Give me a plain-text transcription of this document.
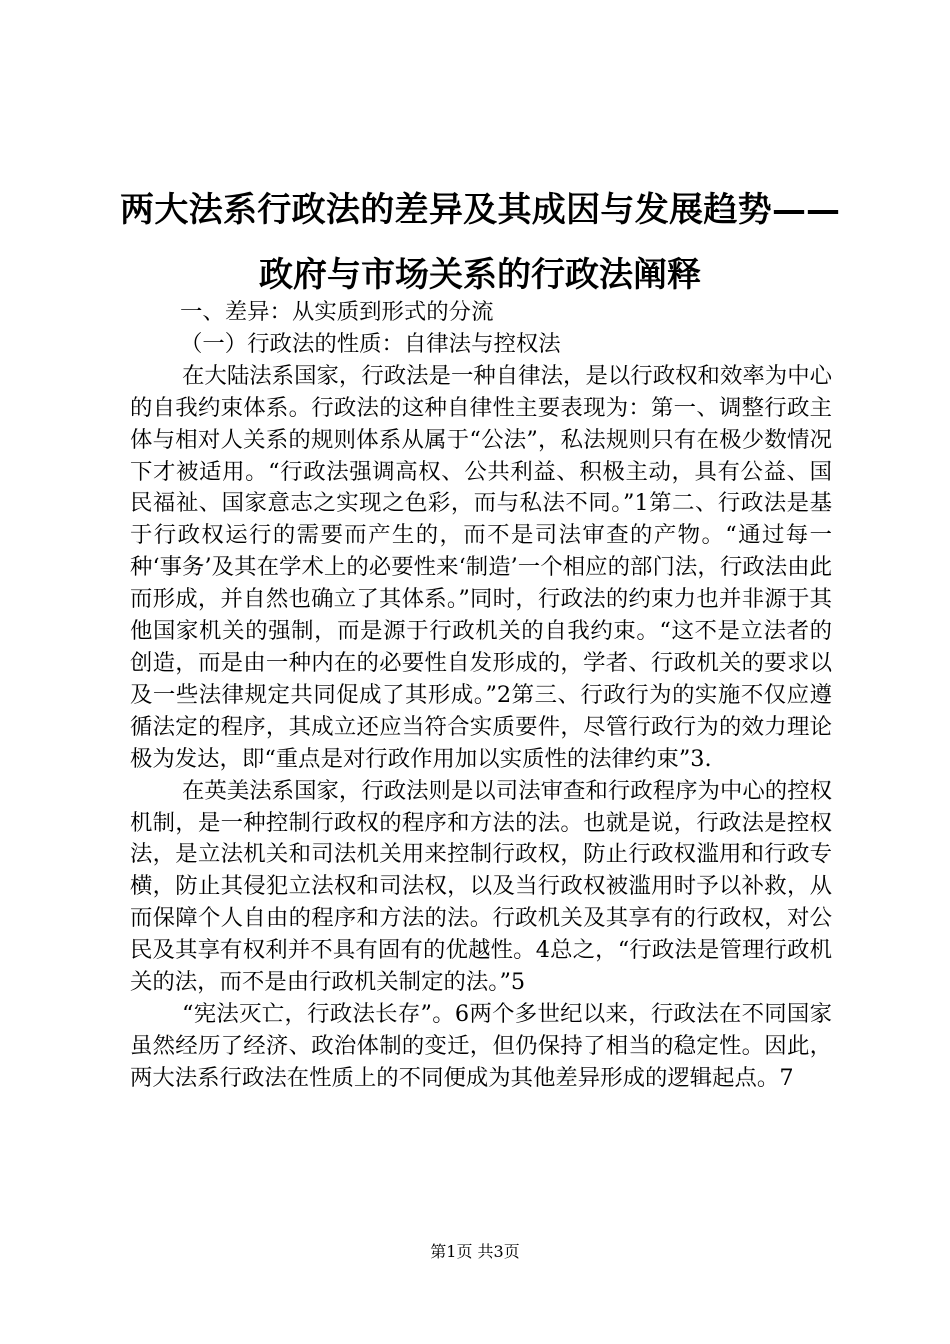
两大法系行政法的差异及其成因与发展趋势——政府与市场关系的行政法阐释

一、差异：从实质到形式的分流

（一）行政法的性质：自律法与控权法

在大陆法系国家，行政法是一种自律法，是以行政权和效率为中心的自我约束体系。行政法的这种自律性主要表现为：第一、调整行政主体与相对人关系的规则体系从属于“公法”，私法规则只有在极少数情况下才被适用。“行政法强调高权、公共利益、积极主动，具有公益、国民福祉、国家意志之实现之色彩，而与私法不同。”1第二、行政法是基于行政权运行的需要而产生的，而不是司法审查的产物。“通过每一种‘事务’及其在学术上的必要性来‘制造’一个相应的部门法，行政法由此而形成，并自然也确立了其体系。”同时，行政法的约束力也并非源于其他国家机关的强制，而是源于行政机关的自我约束。“这不是立法者的创造，而是由一种内在的必要性自发形成的，学者、行政机关的要求以及一些法律规定共同促成了其形成。”2第三、行政行为的实施不仅应遵循法定的程序，其成立还应当符合实质要件，尽管行政行为的效力理论极为发达，即“重点是对行政作用加以实质性的法律约束”3.

在英美法系国家，行政法则是以司法审查和行政程序为中心的控权机制，是一种控制行政权的程序和方法的法。也就是说，行政法是控权法，是立法机关和司法机关用来控制行政权，防止行政权滥用和行政专横，防止其侵犯立法权和司法权，以及当行政权被滥用时予以补救，从而保障个人自由的程序和方法的法。行政机关及其享有的行政权，对公民及其享有权利并不具有固有的优越性。4总之，“行政法是管理行政机关的法，而不是由行政机关制定的法。”5

“宪法灭亡，行政法长存”。6两个多世纪以来，行政法在不同国家虽然经历了经济、政治体制的变迁，但仍保持了相当的稳定性。因此，两大法系行政法在性质上的不同便成为其他差异形成的逻辑起点。7

第1页 共3页
